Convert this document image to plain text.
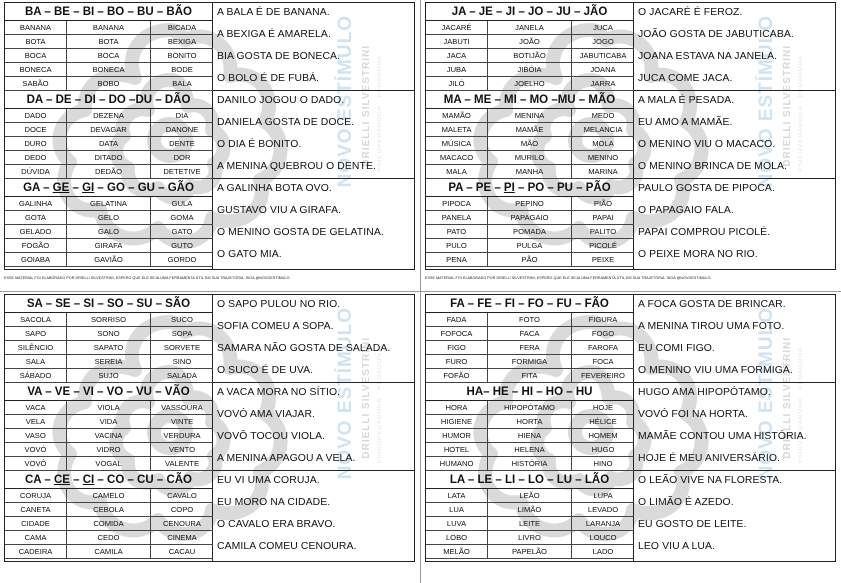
NOVO ESTÍMULO DRIELLI SILVESTRINI PSICOPEDAGOGA · PEDAGOGA
BA – BE – BI – BO – BU – BÃO
BANANA	BANANA	BICADA
BOTA	BOTA	BEXIGA
BOCA	BOCA	BONITO
BONECA	BONECA	BODE
SABÃO	BOBO	BALA

A BALA É DE BANANA.

A BEXIGA É AMARELA.

BIA GOSTA DE BONECA.

O BOLO É DE FUBÁ.

DA – DE – DI – DO –DU – DÃO
DADO	DEZENA	DIA
DOCE	DEVAGAR	DANONE
DURO	DATA	DENTE
DEDO	DITADO	DOR
DÚVIDA	DEDÃO	DETETIVE

DANILO JOGOU O DADO.

DANIELA GOSTA DE DOCE.

O DIA É BONITO.

A MENINA QUEBROU O DENTE.

GA – GE – GI – GO – GU – GÃO
GALINHA	GELATINA	GULA
GOTA	GELO	GOMA
GELADO	GALO	GATO
FOGÃO	GIRAFA	GUTO
GOIABA	GAVIÃO	GORDO

A GALINHA BOTA OVO.

GUSTAVO VIU A GIRAFA.

O MENINO GOSTA DE GELATINA.

O GATO MIA.

ESSE MATERIAL FOI ELABORADO POR DRIELLI SILVESTRINI, ESPERO QUE ELE SEJA UMA FERRAMENTA ÚTIL EM SUA TRAJETÓRIA. SIGA @NOVOESTIMULO.
NOVO ESTÍMULO DRIELLI SILVESTRINI PSICOPEDAGOGA · PEDAGOGA
JA – JE – JI – JO – JU – JÃO
JACARÉ	JANELA	JUCA
JABUTI	JOÃO	JOGO
JACA	BOTIJÃO	JABUTICABA
JUBA	JIBÓIA	JOANA
JILÓ	JOELHO	JARRA

O JACARÉ É FEROZ.

JOÃO GOSTA DE JABUTICABA.

JOANA ESTAVA NA JANELA.

JUCA COME JACA.

MA – ME – MI – MO –MU – MÃO
MAMÃO	MENINA	MEDO
MALETA	MAMÃE	MELANCIA
MÚSICA	MÃO	MOLA
MACACO	MURILO	MENINO
MALA	MANHA	MARINA

A MALA É PESADA.

EU AMO A MAMÃE.

O MENINO VIU O MACACO.

O MENINO BRINCA DE MOLA.

PA – PE – PI – PO – PU – PÃO
PIPOCA	PEPINO	PIÃO
PANELA	PAPAGAIO	PAPAI
PATO	POMADA	PALITO
PULO	PULGA	PICOLÉ
PENA	PÃO	PEIXE

PAULO GOSTA DE PIPOCA.

O PAPAGAIO FALA.

PAPAI COMPROU PICOLÉ.

O PEIXE MORA NO RIO.

ESSE MATERIAL FOI ELABORADO POR DRIELLI SILVESTRINI, ESPERO QUE ELE SEJA UMA FERRAMENTA ÚTIL EM SUA TRAJETÓRIA. SIGA @NOVOESTIMULO.
NOVO ESTÍMULO DRIELLI SILVESTRINI PSICOPEDAGOGA · PEDAGOGA
SA – SE – SI – SO – SU – SÃO
SACOLA	SORRISO	SUCO
SAPO	SONO	SOPA
SILÊNCIO	SAPATO	SORVETE
SALA	SEREIA	SINO
SÁBADO	SUJO	SALADA

O SAPO PULOU NO RIO.

SOFIA COMEU A SOPA.

SAMARA NÃO GOSTA DE SALADA.

O SUCO É DE UVA.

VA – VE – VI – VO – VU – VÃO
VACA	VIOLA	VASSOURA
VELA	VIDA	VINTE
VASO	VACINA	VERDURA
VOVÓ	VIDRO	VENTO
VOVÔ	VOGAL	VALENTE

A VACA MORA NO SÍTIO.

VOVÓ AMA VIAJAR.

VOVÔ TOCOU VIOLA.

A MENINA APAGOU A VELA.

CA – CE – CI – CO – CU – CÃO
CORUJA	CAMELO	CAVALO
CANETA	CEBOLA	COPO
CIDADE	COMIDA	CENOURA
CAMA	CEDO	CINEMA
CADEIRA	CAMILA	CACAU

EU VI UMA CORUJA.

EU MORO NA CIDADE.

O CAVALO ERA BRAVO.

CAMILA COMEU CENOURA.

NOVO ESTÍMULO DRIELLI SILVESTRINI PSICOPEDAGOGA · PEDAGOGA
FA – FE – FI – FO – FU – FÃO
FADA	FOTO	FIGURA
FOFOCA	FACA	FOGO
FIGO	FERA	FAROFA
FURO	FORMIGA	FOCA
FOFÃO	FITA	FEVEREIRO

A FOCA GOSTA DE BRINCAR.

A MENINA TIROU UMA FOTO.

EU COMI FIGO.

O MENINO VIU UMA FORMIGA.

HA– HE – HI – HO – HU
HORA	HIPOPÓTAMO	HOJE
HIGIENE	HORTA	HÉLICE
HUMOR	HIENA	HOMEM
HOTEL	HELENA	HUGO
HUMANO	HISTÓRIA	HINO

HUGO AMA HIPOPÓTAMO.

VOVÓ FOI NA HORTA.

MAMÃE CONTOU UMA HISTÓRIA.

HOJE É MEU ANIVERSÁRIO.

LA – LE – LI – LO – LU – LÃO
LATA	LEÃO	LUPA
LUA	LIMÃO	LEVADO
LUVA	LEITE	LARANJA
LOBO	LIVRO	LOUCO
MELÃO	PAPELÃO	LADO

O LEÃO VIVE NA FLORESTA.

O LIMÃO É AZEDO.

EU GOSTO DE LEITE.

LEO VIU A LUA.
